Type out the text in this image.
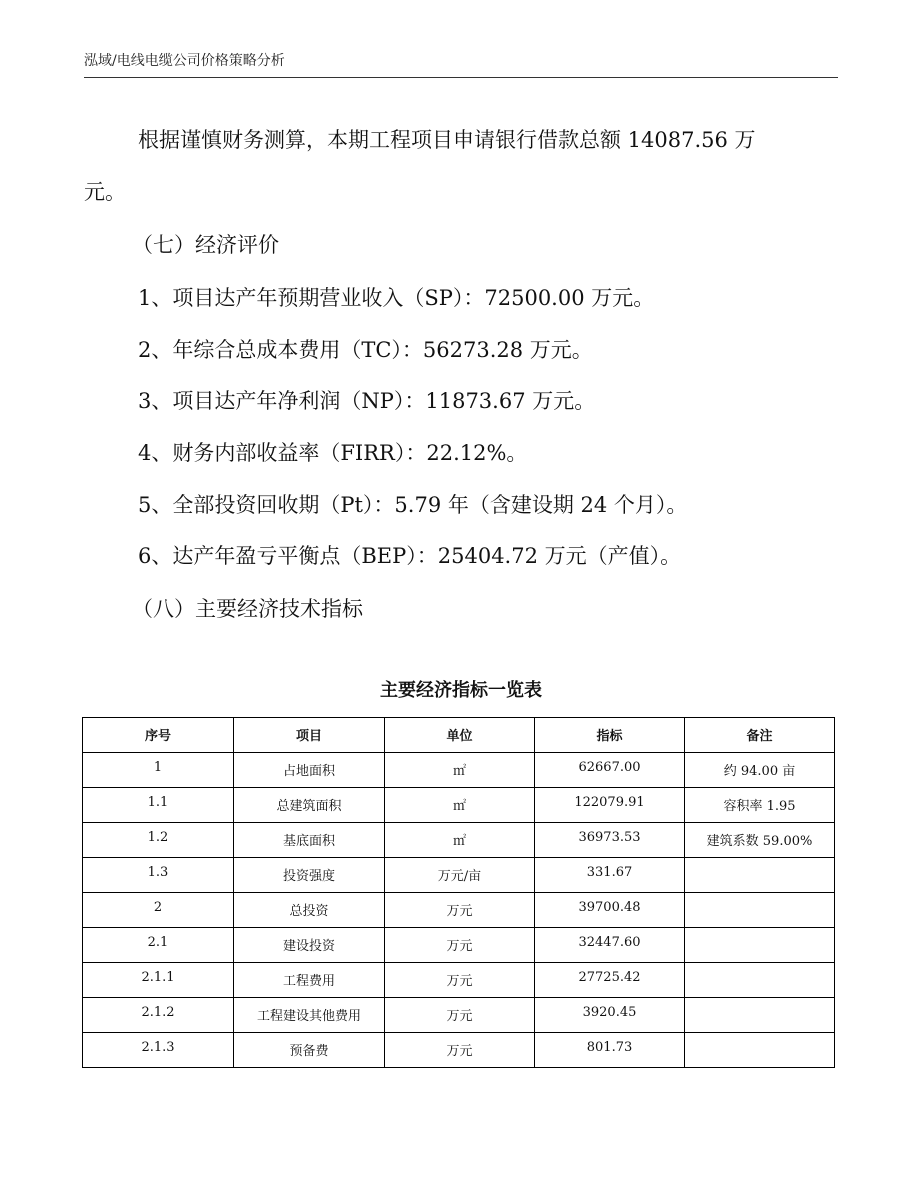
泓域/电线电缆公司价格策略分析
根据谨慎财务测算，本期工程项目申请银行借款总额 14087.56 万
元。
（七）经济评价
1、项目达产年预期营业收入（SP）：72500.00 万元。
2、年综合总成本费用（TC）：56273.28 万元。
3、项目达产年净利润（NP）：11873.67 万元。
4、财务内部收益率（FIRR）：22.12%。
5、全部投资回收期（Pt）：5.79 年（含建设期 24 个月）。
6、达产年盈亏平衡点（BEP）：25404.72 万元（产值）。
（八）主要经济技术指标
主要经济指标一览表
序号	项目	单位	指标	备注
1	占地面积	㎡	62667.00	约 94.00 亩
1.1	总建筑面积	㎡	122079.91	容积率 1.95
1.2	基底面积	㎡	36973.53	建筑系数 59.00%
1.3	投资强度	万元/亩	331.67	
2	总投资	万元	39700.48	
2.1	建设投资	万元	32447.60	
2.1.1	工程费用	万元	27725.42	
2.1.2	工程建设其他费用	万元	3920.45	
2.1.3	预备费	万元	801.73	
